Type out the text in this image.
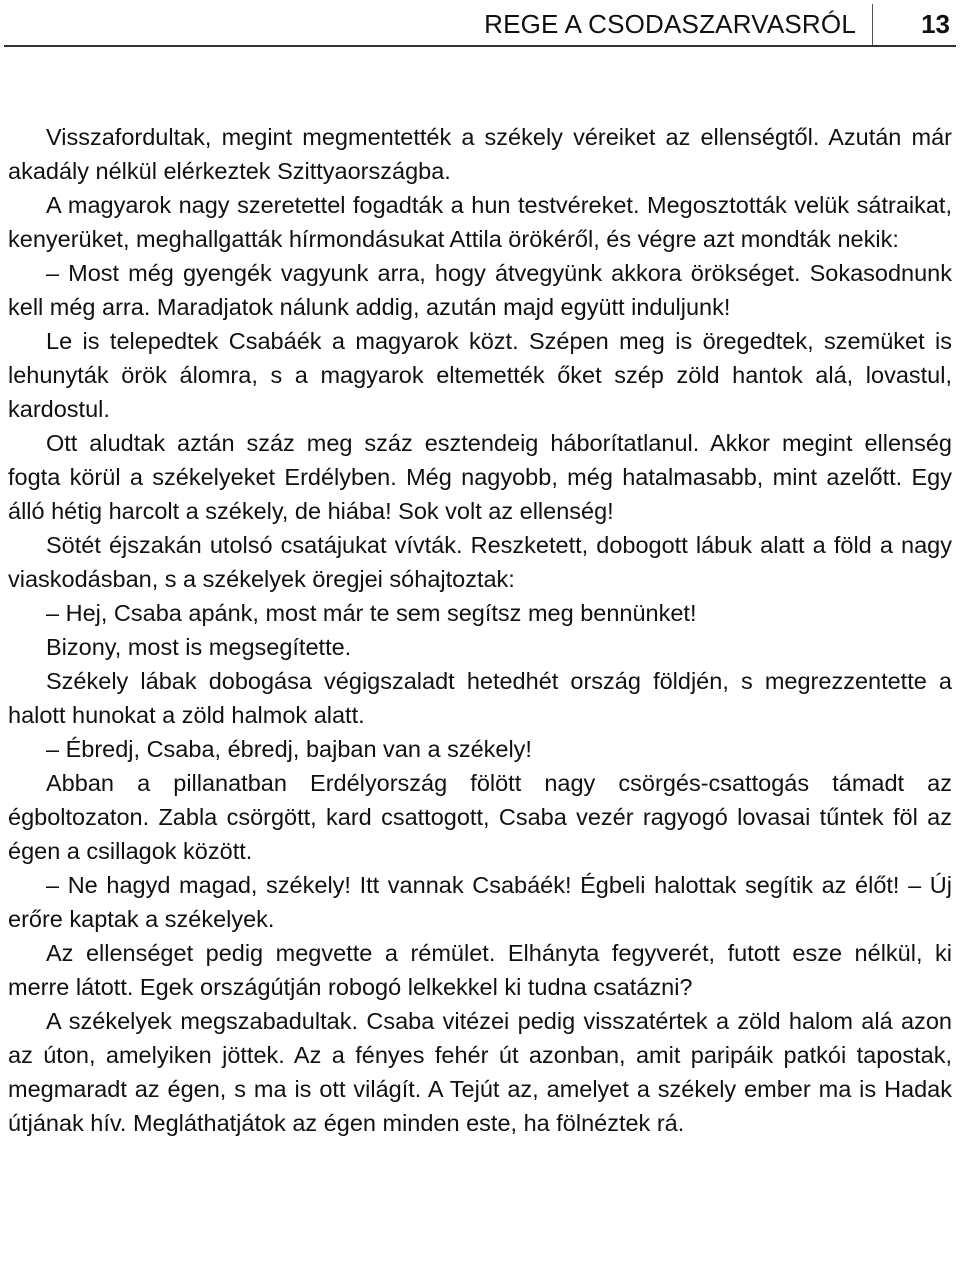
REGE A CSODASZARVASRÓL	13

Visszafordultak, megint megmentették a székely véreiket az ellenségtől. Azután már akadály nélkül elérkeztek Szittyaországba.

A magyarok nagy szeretettel fogadták a hun testvéreket. Megosztották velük sátraikat, kenyerüket, meghallgatták hírmondásukat Attila örökéről, és végre azt mondták nekik:

– Most még gyengék vagyunk arra, hogy átvegyünk akkora örökséget. Sokasodnunk kell még arra. Maradjatok nálunk addig, azután majd együtt induljunk!

Le is telepedtek Csabáék a magyarok közt. Szépen meg is öregedtek, szemüket is lehunyták örök álomra, s a magyarok eltemették őket szép zöld hantok alá, lovastul, kardostul.

Ott aludtak aztán száz meg száz esztendeig háborítatlanul. Akkor megint ellenség fogta körül a székelyeket Erdélyben. Még nagyobb, még hatalmasabb, mint azelőtt. Egy álló hétig harcolt a székely, de hiába! Sok volt az ellenség!

Sötét éjszakán utolsó csatájukat vívták. Reszketett, dobogott lábuk alatt a föld a nagy viaskodásban, s a székelyek öregjei sóhajtoztak:

– Hej, Csaba apánk, most már te sem segítsz meg bennünket!

Bizony, most is megsegítette.

Székely lábak dobogása végigszaladt hetedhét ország földjén, s megrezzentette a halott hunokat a zöld halmok alatt.

– Ébredj, Csaba, ébredj, bajban van a székely!

Abban a pillanatban Erdélyország fölött nagy csörgés-csattogás támadt az égboltozaton. Zabla csörgött, kard csattogott, Csaba vezér ragyogó lovasai tűntek föl az égen a csillagok között.

– Ne hagyd magad, székely! Itt vannak Csabáék! Égbeli halottak segítik az élőt! – Új erőre kaptak a székelyek.

Az ellenséget pedig megvette a rémület. Elhányta fegyverét, futott esze nélkül, ki merre látott. Egek országútján robogó lelkekkel ki tudna csatázni?

A székelyek megszabadultak. Csaba vitézei pedig visszatértek a zöld halom alá azon az úton, amelyiken jöttek. Az a fényes fehér út azonban, amit paripáik patkói tapostak, megmaradt az égen, s ma is ott világít. A Tejút az, amelyet a székely ember ma is Hadak útjának hív. Megláthatjátok az égen minden este, ha fölnéztek rá.
